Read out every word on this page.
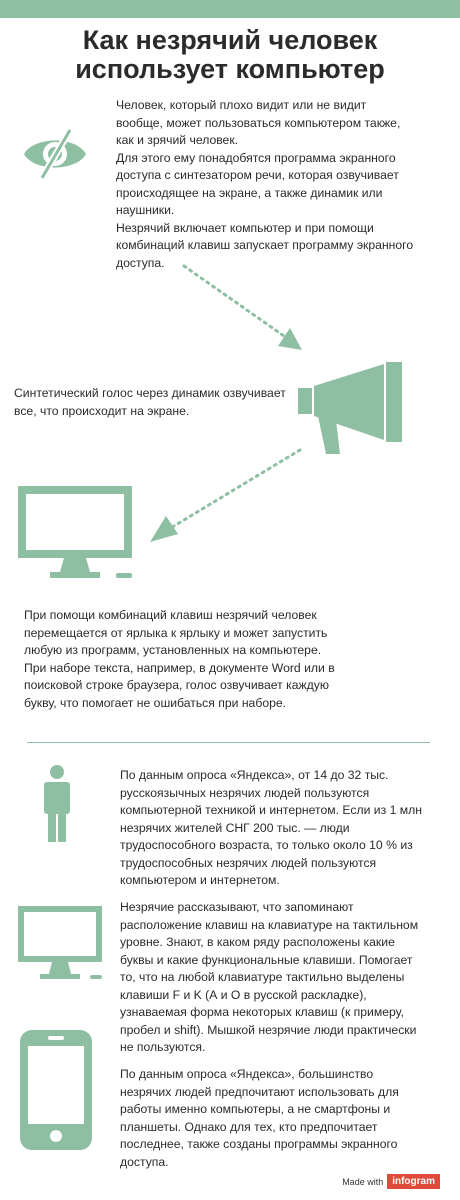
Как незрячий человек
использует компьютер

Человек, который плохо видит или не видит вообще, может пользоваться компьютером также, как и зрячий человек.

Для этого ему понадобятся программа экранного доступа с синтезатором речи, которая озвучивает происходящее на экране, а также динамик или наушники.

Незрячий включает компьютер и при помощи комбинаций клавиш запускает программу экранного доступа.

Синтетический голос через динамик озвучивает все, что происходит на экране.

При помощи комбинаций клавиш незрячий человек перемещается от ярлыка к ярлыку и может запустить любую из программ, установленных на компьютере.

При наборе текста, например, в документе Word или в поисковой строке браузера, голос озвучивает каждую букву, что помогает не ошибаться при наборе.

По данным опроса «Яндекса», от 14 до 32 тыс. русскоязычных незрячих людей пользуются компьютерной техникой и интернетом. Если из 1 млн незрячих жителей СНГ 200 тыс. — люди трудоспособного возраста, то только около 10 % из трудоспособных незрячих людей пользуются компьютером и интернетом.
Незрячие рассказывают, что запоминают расположение клавиш на клавиатуре на тактильном уровне. Знают, в каком ряду расположены какие буквы и какие функциональные клавиши. Помогает то, что на любой клавиатуре тактильно выделены клавиши F и K (А и О в русской раскладке), узнаваемая форма некоторых клавиш (к примеру, пробел и shift). Мышкой незрячие люди практически не пользуются.
По данным опроса «Яндекса», большинство незрячих людей предпочитают использовать для работы именно компьютеры, а не смартфоны и планшеты. Однако для тех, кто предпочитает последнее, также созданы программы экранного доступа.
Made with infogram
